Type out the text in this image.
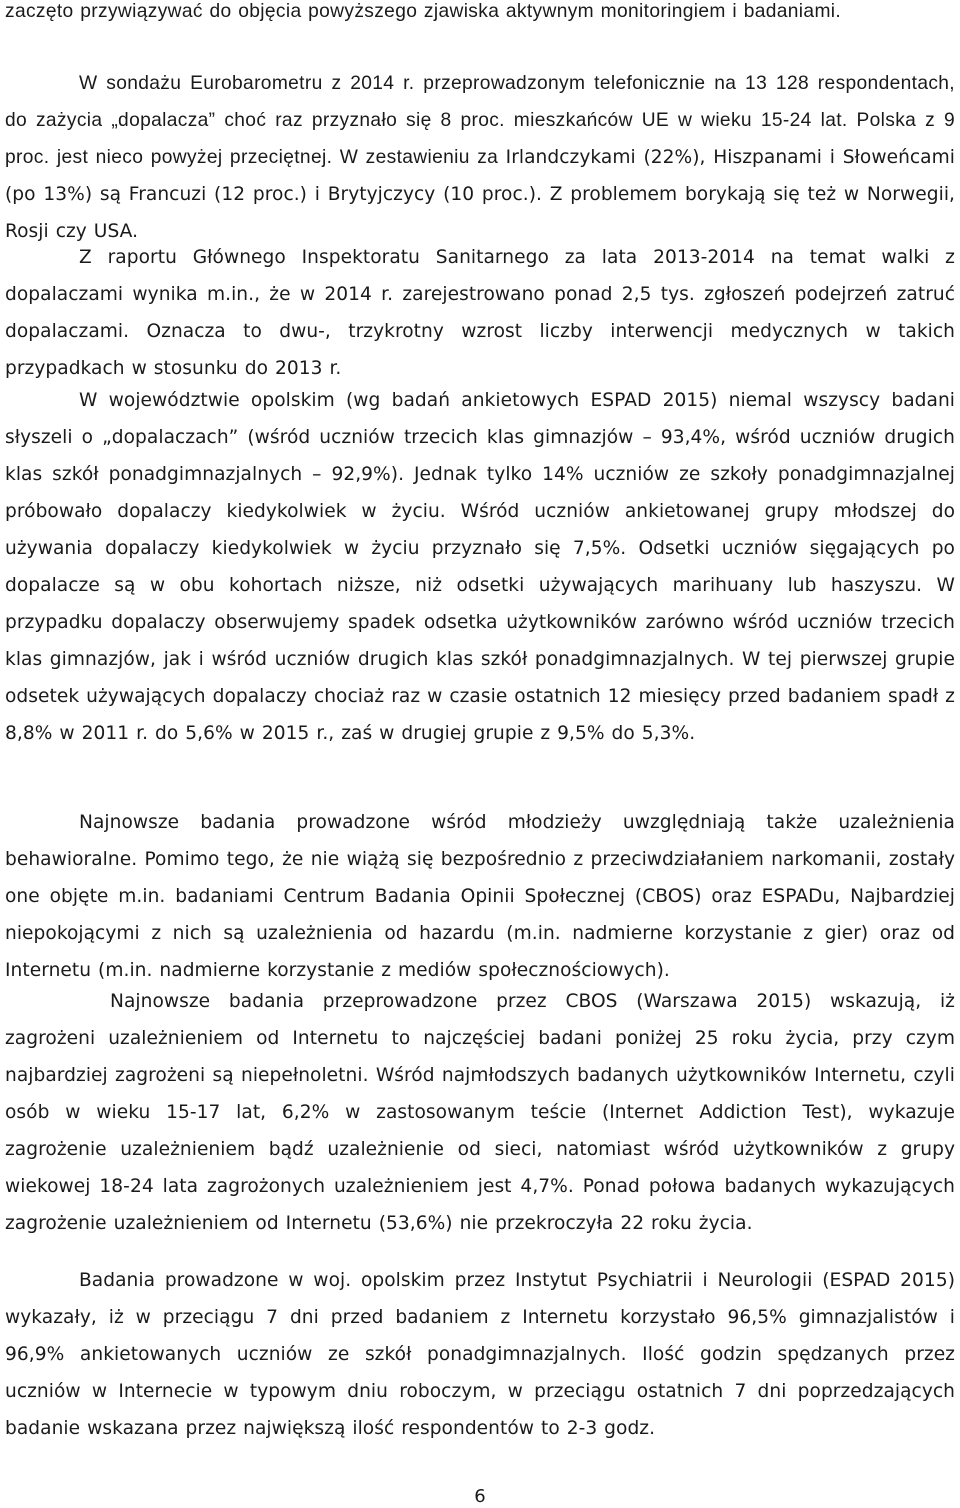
zaczęto przywiązywać do objęcia powyższego zjawiska aktywnym monitoringiem i badaniami.

W sondażu Eurobarometru z 2014 r. przeprowadzonym telefonicznie na 13 128 respondentach, do zażycia „dopalacza” choć raz przyznało się 8 proc. mieszkańców UE w wieku 15-24 lat. Polska z 9 proc. jest nieco powyżej przeciętnej. W zestawieniu za Irlandczykami (22%), Hiszpanami i Słoweńcami (po 13%) są Francuzi (12 proc.) i Brytyjczycy (10 proc.). Z problemem borykają się też w Norwegii, Rosji czy USA.

Z raportu Głównego Inspektoratu Sanitarnego za lata 2013-2014 na temat walki z dopalaczami wynika m.in., że w 2014 r. zarejestrowano ponad 2,5 tys. zgłoszeń podejrzeń zatruć dopalaczami. Oznacza to dwu-, trzykrotny wzrost liczby interwencji medycznych w takich przypadkach w stosunku do 2013 r.

W województwie opolskim (wg badań ankietowych ESPAD 2015) niemal wszyscy badani słyszeli o „dopalaczach” (wśród uczniów trzecich klas gimnazjów – 93,4%, wśród uczniów drugich klas szkół ponadgimnazjalnych – 92,9%). Jednak tylko 14% uczniów ze szkoły ponadgimnazjalnej próbowało dopalaczy kiedykolwiek w życiu. Wśród uczniów ankietowanej grupy młodszej do używania dopalaczy kiedykolwiek w życiu przyznało się 7,5%. Odsetki uczniów sięgających po dopalacze są w obu kohortach niższe, niż odsetki używających marihuany lub haszyszu. W przypadku dopalaczy obserwujemy spadek odsetka użytkowników zarówno wśród uczniów trzecich klas gimnazjów, jak i wśród uczniów drugich klas szkół ponadgimnazjalnych. W tej pierwszej grupie odsetek używających dopalaczy chociaż raz w czasie ostatnich 12 miesięcy przed badaniem spadł z 8,8% w 2011 r. do 5,6% w 2015 r., zaś w drugiej grupie z 9,5% do 5,3%.

Najnowsze badania prowadzone wśród młodzieży uwzględniają także uzależnienia behawioralne. Pomimo tego, że nie wiążą się bezpośrednio z przeciwdziałaniem narkomanii, zostały one objęte m.in. badaniami Centrum Badania Opinii Społecznej (CBOS) oraz ESPADu, Najbardziej niepokojącymi z nich są uzależnienia od hazardu (m.in. nadmierne korzystanie z gier) oraz od Internetu (m.in. nadmierne korzystanie z mediów społecznościowych).

Najnowsze badania przeprowadzone przez CBOS (Warszawa 2015) wskazują, iż zagrożeni uzależnieniem od Internetu to najczęściej badani poniżej 25 roku życia, przy czym najbardziej zagrożeni są niepełnoletni. Wśród najmłodszych badanych użytkowników Internetu, czyli osób w wieku 15-17 lat, 6,2% w zastosowanym teście (Internet Addiction Test), wykazuje zagrożenie uzależnieniem bądź uzależnienie od sieci, natomiast wśród użytkowników z grupy wiekowej 18-24 lata zagrożonych uzależnieniem jest 4,7%. Ponad połowa badanych wykazujących zagrożenie uzależnieniem od Internetu (53,6%) nie przekroczyła 22 roku życia.

Badania prowadzone w woj. opolskim przez Instytut Psychiatrii i Neurologii (ESPAD 2015) wykazały, iż w przeciągu 7 dni przed badaniem z Internetu korzystało 96,5% gimnazjalistów i 96,9% ankietowanych uczniów ze szkół ponadgimnazjalnych. Ilość godzin spędzanych przez uczniów w Internecie w typowym dniu roboczym, w przeciągu ostatnich 7 dni poprzedzających badanie wskazana przez największą ilość respondentów to 2-3 godz.

6
